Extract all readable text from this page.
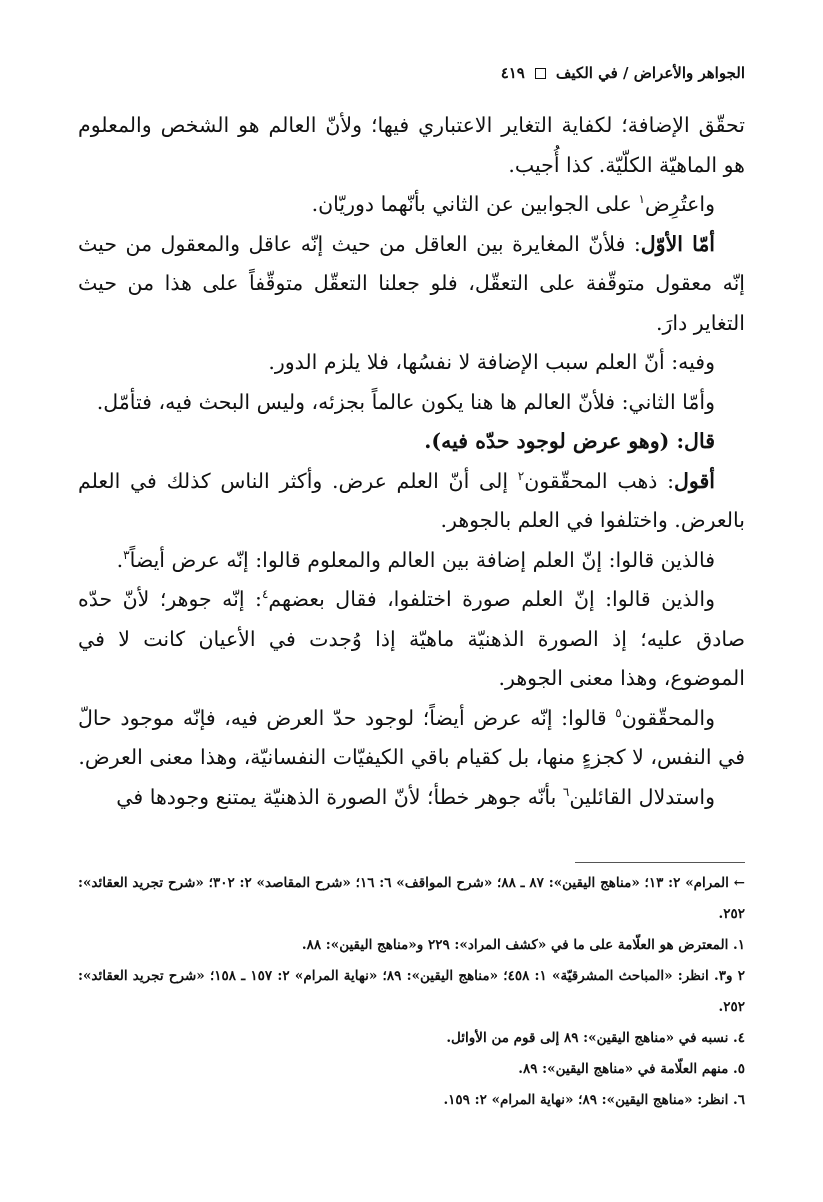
الجواهر والأعراض / في الكيف
٤١٩

تحقّق الإضافة؛ لكفاية التغاير الاعتباري فيها؛ ولأنّ العالم هو الشخص والمعلوم هو الماهيّة الكلّيّة. كذا أُجيب.

واعتُرِض$^١$ على الجوابين عن الثاني بأنّهما دوريّان.

أمّا الأوّل: فلأنّ المغايرة بين العاقل من حيث إنّه عاقل والمعقول من حيث إنّه معقول متوقّفة على التعقّل، فلو جعلنا التعقّل متوقّفاً على هذا من حيث التغاير دارَ.

وفيه: أنّ العلم سبب الإضافة لا نفسُها، فلا يلزم الدور.

وأمّا الثاني: فلأنّ العالم ها هنا يكون عالماً بجزئه، وليس البحث فيه، فتأمّل.

قال: (وهو عرض لوجود حدّه فيه).

أقول: ذهب المحقّقون$^٢$ إلى أنّ العلم عرض. وأكثر الناس كذلك في العلم بالعرض. واختلفوا في العلم بالجوهر.

فالذين قالوا: إنّ العلم إضافة بين العالم والمعلوم قالوا: إنّه عرض أيضاً$^٣$.

والذين قالوا: إنّ العلم صورة اختلفوا، فقال بعضهم$^٤$: إنّه جوهر؛ لأنّ حدّه صادق عليه؛ إذ الصورة الذهنيّة ماهيّة إذا وُجدت في الأعيان كانت لا في الموضوع، وهذا معنى الجوهر.

والمحقّقون$^٥$ قالوا: إنّه عرض أيضاً؛ لوجود حدّ العرض فيه، فإنّه موجود حالّ في النفس، لا كجزءٍ منها، بل كقيام باقي الكيفيّات النفسانيّة، وهذا معنى العرض.

واستدلال القائلين$^٦$ بأنّه جوهر خطأ؛ لأنّ الصورة الذهنيّة يمتنع وجودها في

← المرام» ٢: ١٣؛ «مناهج اليقين»: ٨٧ ـ ٨٨؛ «شرح المواقف» ٦: ١٦؛ «شرح المقاصد» ٢: ٣٠٢؛ «شرح تجريد العقائد»: ٢٥٢.

١. المعترض هو العلّامة على ما في «كشف المراد»: ٢٢٩ و«مناهج اليقين»: ٨٨.

٢ و٣. انظر: «المباحث المشرقيّة» ١: ٤٥٨؛ «مناهج اليقين»: ٨٩؛ «نهاية المرام» ٢: ١٥٧ ـ ١٥٨؛ «شرح تجريد العقائد»: ٢٥٢.

٤. نسبه في «مناهج اليقين»: ٨٩ إلى قوم من الأوائل.

٥. منهم العلّامة في «مناهج اليقين»: ٨٩.

٦. انظر: «مناهج اليقين»: ٨٩؛ «نهاية المرام» ٢: ١٥٩.
